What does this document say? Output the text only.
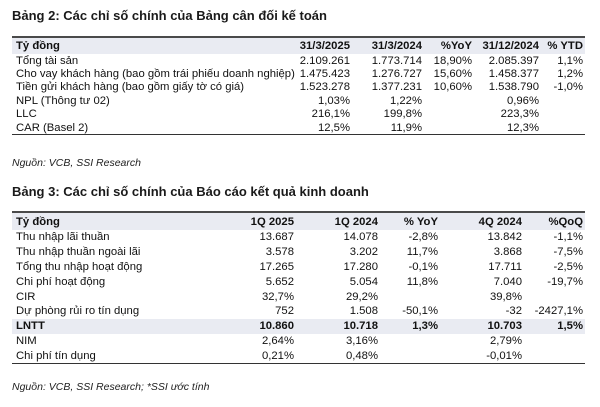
Bảng 2: Các chỉ số chính của Bảng cân đối kế toán
Tỷ đồng	31/3/2025	31/3/2024	%YoY	31/12/2024	% YTD
Tổng tài sản	2.109.261	1.773.714	18,90%	2.085.397	1,1%
Cho vay khách hàng (bao gồm trái phiếu doanh nghiệp)	1.475.423	1.276.727	15,60%	1.458.377	1,2%
Tiền gửi khách hàng (bao gồm giấy tờ có giá)	1.523.278	1.377.231	10,60%	1.538.790	-1,0%
NPL (Thông tư 02)	1,03%	1,22%		0,96%	
LLC	216,1%	199,8%		223,3%	
CAR (Basel 2)	12,5%	11,9%		12,3%	
Nguồn: VCB, SSI Research
Bảng 3: Các chỉ số chính của Báo cáo kết quả kinh doanh
Tỷ đồng	1Q 2025	1Q 2024	% YoY	4Q 2024	%QoQ
Thu nhập lãi thuần	13.687	14.078	-2,8%	13.842	-1,1%
Thu nhập thuần ngoài lãi	3.578	3.202	11,7%	3.868	-7,5%
Tổng thu nhập hoạt động	17.265	17.280	-0,1%	17.711	-2,5%
Chi phí hoạt động	5.652	5.054	11,8%	7.040	-19,7%
CIR	32,7%	29,2%		39,8%	
Dự phòng rủi ro tín dụng	752	1.508	-50,1%	-32	-2427,1%
LNTT	10.860	10.718	1,3%	10.703	1,5%
NIM	2,64%	3,16%		2,79%	
Chi phí tín dụng	0,21%	0,48%		-0,01%	
Nguồn: VCB, SSI Research; *SSI ước tính
